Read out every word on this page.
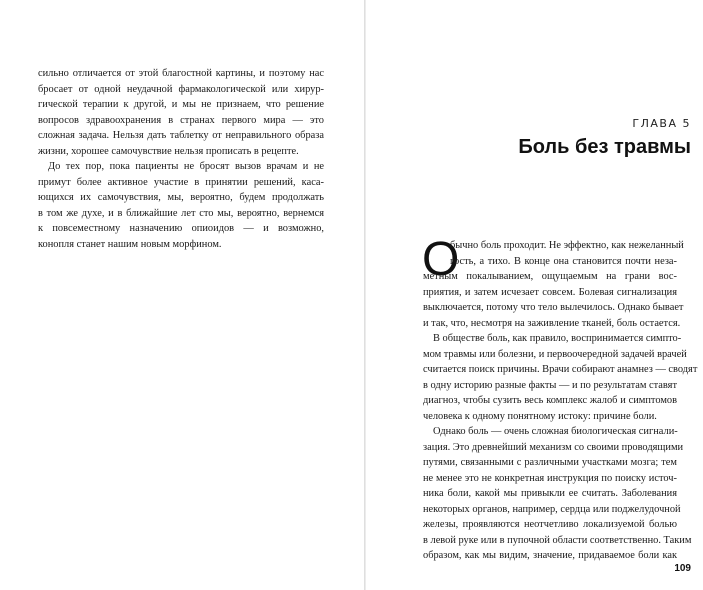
сильно отличается от этой благостной картины, и поэтому нас
бросает от одной неудачной фармакологической или хирур-
гической терапии к другой, и мы не признаем, что решение
вопросов здравоохранения в странах первого мира — это
сложная задача. Нельзя дать таблетку от неправильного образа
жизни, хорошее самочувствие нельзя прописать в рецепте.
До тех пор, пока пациенты не бросят вызов врачам и не
примут более активное участие в принятии решений, каса-
ющихся их самочувствия, мы, вероятно, будем продолжать
в том же духе, и в ближайшие лет сто мы, вероятно, вернемся
к повсеместному назначению опиоидов — и возможно,
конопля станет нашим новым морфином.
ГЛАВА 5
Боль без травмы
О
бычно боль проходит. Не эффектно, как нежеланный
гость, а тихо. В конце она становится почти неза-
метным покалыванием, ощущаемым на грани вос-
приятия, и затем исчезает совсем. Болевая сигнализация
выключается, потому что тело вылечилось. Однако бывает
и так, что, несмотря на заживление тканей, боль остается.
В обществе боль, как правило, воспринимается симпто-
мом травмы или болезни, и первоочередной задачей врачей
считается поиск причины. Врачи собирают анамнез — сводят
в одну историю разные факты — и по результатам ставят
диагноз, чтобы сузить весь комплекс жалоб и симптомов
человека к одному понятному истоку: причине боли.
Однако боль — очень сложная биологическая сигнали-
зация. Это древнейший механизм со своими проводящими
путями, связанными с различными участками мозга; тем
не менее это не конкретная инструкция по поиску источ-
ника боли, какой мы привыкли ее считать. Заболевания
некоторых органов, например, сердца или поджелудочной
железы, проявляются неотчетливо локализуемой болью
в левой руке или в пупочной области соответственно. Таким
образом, как мы видим, значение, придаваемое боли как
109
